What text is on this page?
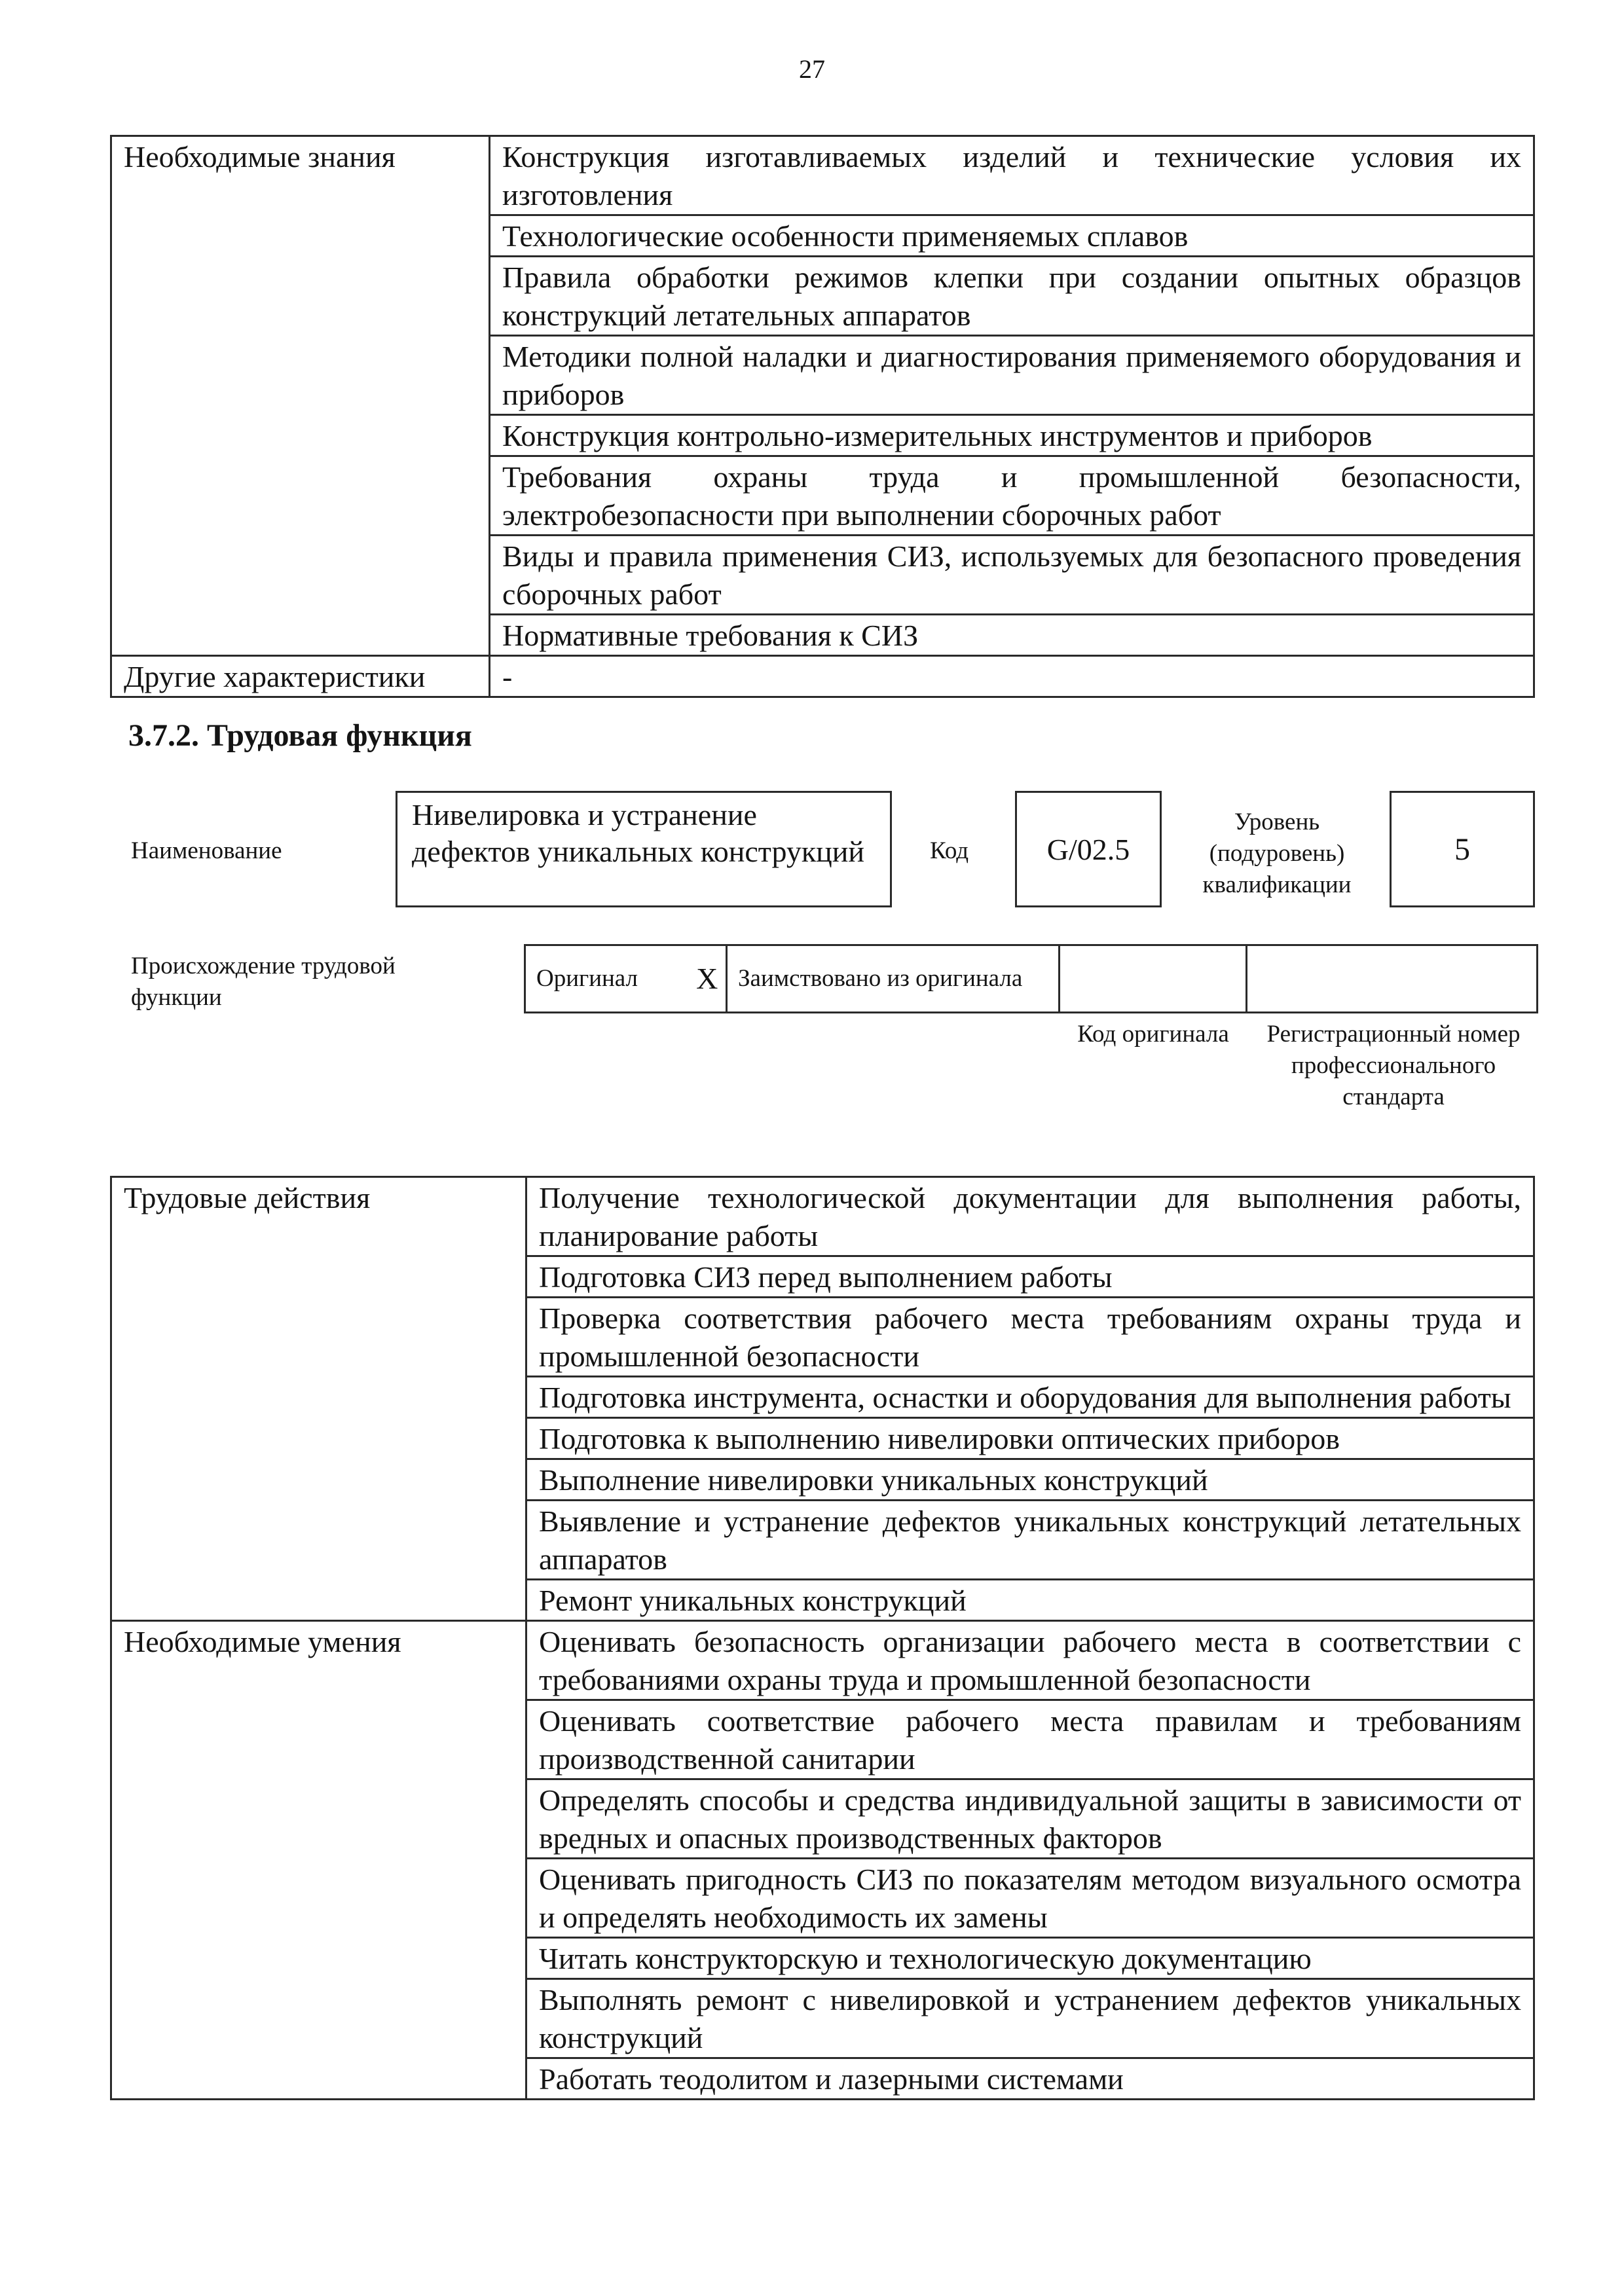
27
Необходимые знания	Конструкция изготавливаемых изделий и технические условия их изготовления
	Технологические особенности применяемых сплавов
	Правила обработки режимов клепки при создании опытных образцов конструкций летательных аппаратов
	Методики полной наладки и диагностирования применяемого оборудования и приборов
	Конструкция контрольно-измерительных инструментов и приборов
	Требования охраны труда и промышленной безопасности, электробезопасности при выполнении сборочных работ
	Виды и правила применения СИЗ, используемых для безопасного проведения сборочных работ
	Нормативные требования к СИЗ
Другие характеристики	-
3.7.2. Трудовая функция
Наименование
Нивелировка и устранение дефектов уникальных конструкций	Код	G/02.5
Уровень (подуровень) квалификации
5
Происхождение трудовой функции
Оригинал	X	Заимствовано из оригинала		
Код оригинала	Регистрационный номер профессионального стандарта
Трудовые действия	Получение технологической документации для выполнения работы, планирование работы
	Подготовка СИЗ перед выполнением работы
	Проверка соответствия рабочего места требованиям охраны труда и промышленной безопасности
	Подготовка инструмента, оснастки и оборудования для выполнения работы
	Подготовка к выполнению нивелировки оптических приборов
	Выполнение нивелировки уникальных конструкций
	Выявление и устранение дефектов уникальных конструкций летательных аппаратов
	Ремонт уникальных конструкций
Необходимые умения	Оценивать безопасность организации рабочего места в соответствии с требованиями охраны труда и промышленной безопасности
	Оценивать соответствие рабочего места правилам и требованиям производственной санитарии
	Определять способы и средства индивидуальной защиты в зависимости от вредных и опасных производственных факторов
	Оценивать пригодность СИЗ по показателям методом визуального осмотра и определять необходимость их замены
	Читать конструкторскую и технологическую документацию
	Выполнять ремонт с нивелировкой и устранением дефектов уникальных конструкций
	Работать теодолитом и лазерными системами
